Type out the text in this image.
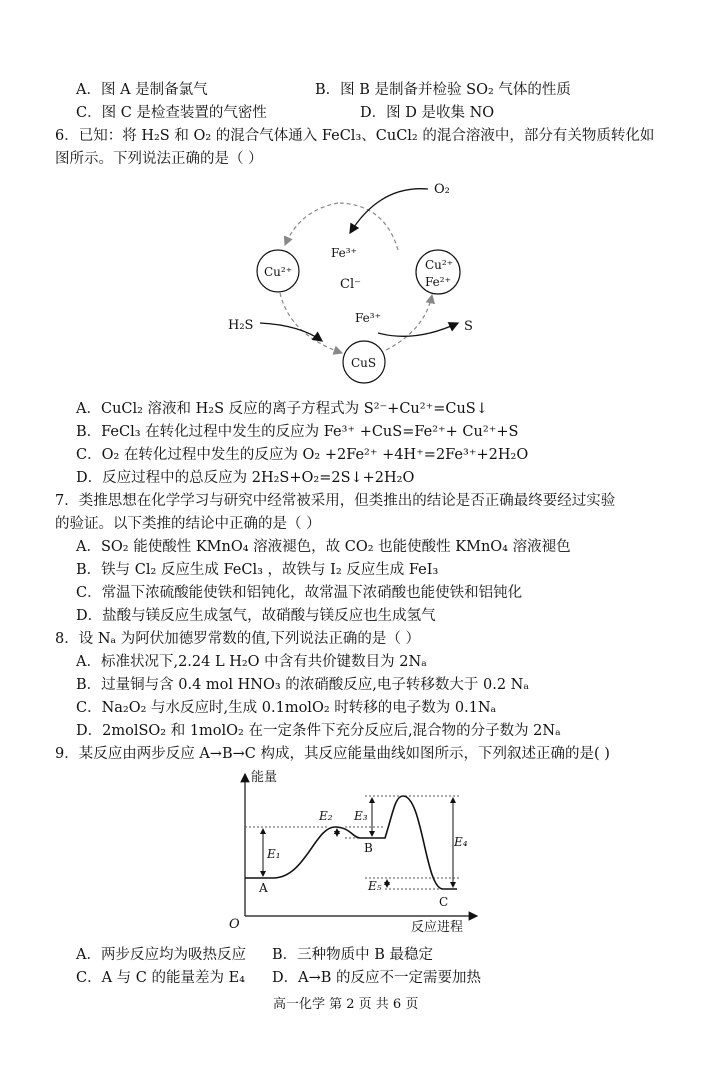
A．图 A 是制备氯气	B．图 B 是制备并检验 SO₂ 气体的性质
C．图 C 是检查装置的气密性	D．图 D 是收集 NO
6．已知：将 H₂S 和 O₂ 的混合气体通入 FeCl₃、CuCl₂ 的混合溶液中，部分有关物质转化如
图所示。下列说法正确的是（ ）
O₂
Fe³⁺
Cu²⁺
Cl⁻
Cu²⁺
Fe²⁺
H₂S	Fe³⁺
S
CuS
A．CuCl₂ 溶液和 H₂S 反应的离子方程式为 S²⁻+Cu²⁺=CuS↓
B．FeCl₃ 在转化过程中发生的反应为 Fe³⁺ +CuS=Fe²⁺+ Cu²⁺+S
C．O₂ 在转化过程中发生的反应为 O₂ +2Fe²⁺ +4H⁺=2Fe³⁺+2H₂O
D．反应过程中的总反应为 2H₂S+O₂=2S↓+2H₂O
7．类推思想在化学学习与研究中经常被采用，但类推出的结论是否正确最终要经过实验
的验证。以下类推的结论中正确的是（ ）
A．SO₂ 能使酸性 KMnO₄ 溶液褪色，故 CO₂ 也能使酸性 KMnO₄ 溶液褪色
B．铁与 Cl₂ 反应生成 FeCl₃ ，故铁与 I₂ 反应生成 FeI₃
C．常温下浓硫酸能使铁和铝钝化，故常温下浓硝酸也能使铁和铝钝化
D．盐酸与镁反应生成氢气，故硝酸与镁反应也生成氢气
8．设 Nₐ 为阿伏加德罗常数的值,下列说法正确的是（ ）
A．标准状况下,2.24 L H₂O 中含有共价键数目为 2Nₐ
B．过量铜与含 0.4 mol HNO₃ 的浓硝酸反应,电子转移数大于 0.2 Nₐ
C．Na₂O₂ 与水反应时,生成 0.1molO₂ 时转移的电子数为 0.1Nₐ
D．2molSO₂ 和 1molO₂ 在一定条件下充分反应后,混合物的分子数为 2Nₐ
9．某反应由两步反应 A→B→C 构成，其反应能量曲线如图所示，下列叙述正确的是( )
能量
反应进程
O
A
B
C
E₁
E₂ E₃
E₄
E₅
A．两步反应均为吸热反应 B．三种物质中 B 最稳定
C．A 与 C 的能量差为 E₄ D．A→B 的反应不一定需要加热
高一化学 第 2 页 共 6 页
